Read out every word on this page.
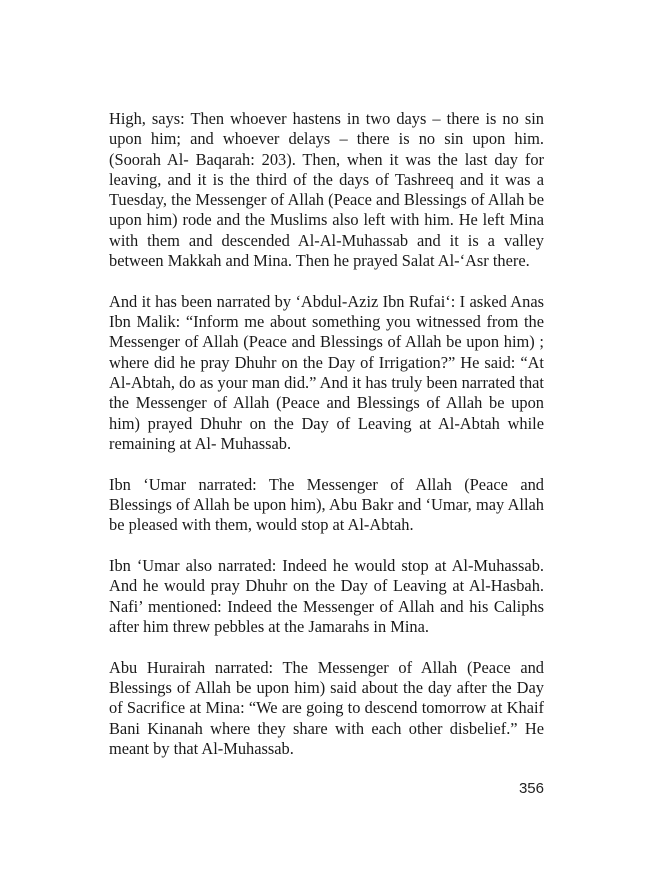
High, says: Then whoever hastens in two days – there is no sin upon him; and whoever delays – there is no sin upon him. (Soorah Al- Baqarah: 203). Then, when it was the last day for leaving, and it is the third of the days of Tashreeq and it was a Tuesday, the Messenger of Allah (Peace and Blessings of Allah be upon him) rode and the Muslims also left with him. He left Mina with them and descended Al-Al-Muhassab and it is a valley between Makkah and Mina. Then he prayed Salat Al-‘Asr there.

And it has been narrated by ‘Abdul-Aziz Ibn Rufai‘: I asked Anas Ibn Malik: “Inform me about something you witnessed from the Messenger of Allah (Peace and Blessings of Allah be upon him) ; where did he pray Dhuhr on the Day of Irrigation?” He said: “At Al-Abtah, do as your man did.” And it has truly been narrated that the Messenger of Allah (Peace and Blessings of Allah be upon him) prayed Dhuhr on the Day of Leaving at Al-Abtah while remaining at Al- Muhassab.

Ibn ‘Umar narrated: The Messenger of Allah (Peace and Blessings of Allah be upon him), Abu Bakr and ‘Umar, may Allah be pleased with them, would stop at Al-Abtah.

Ibn ‘Umar also narrated: Indeed he would stop at Al-Muhassab. And he would pray Dhuhr on the Day of Leaving at Al-Hasbah. Nafi’ mentioned: Indeed the Messenger of Allah and his Caliphs after him threw pebbles at the Jamarahs in Mina.

Abu Hurairah narrated: The Messenger of Allah (Peace and Blessings of Allah be upon him) said about the day after the Day of Sacrifice at Mina: “We are going to descend tomorrow at Khaif Bani Kinanah where they share with each other disbelief.” He meant by that Al-Muhassab.

356
